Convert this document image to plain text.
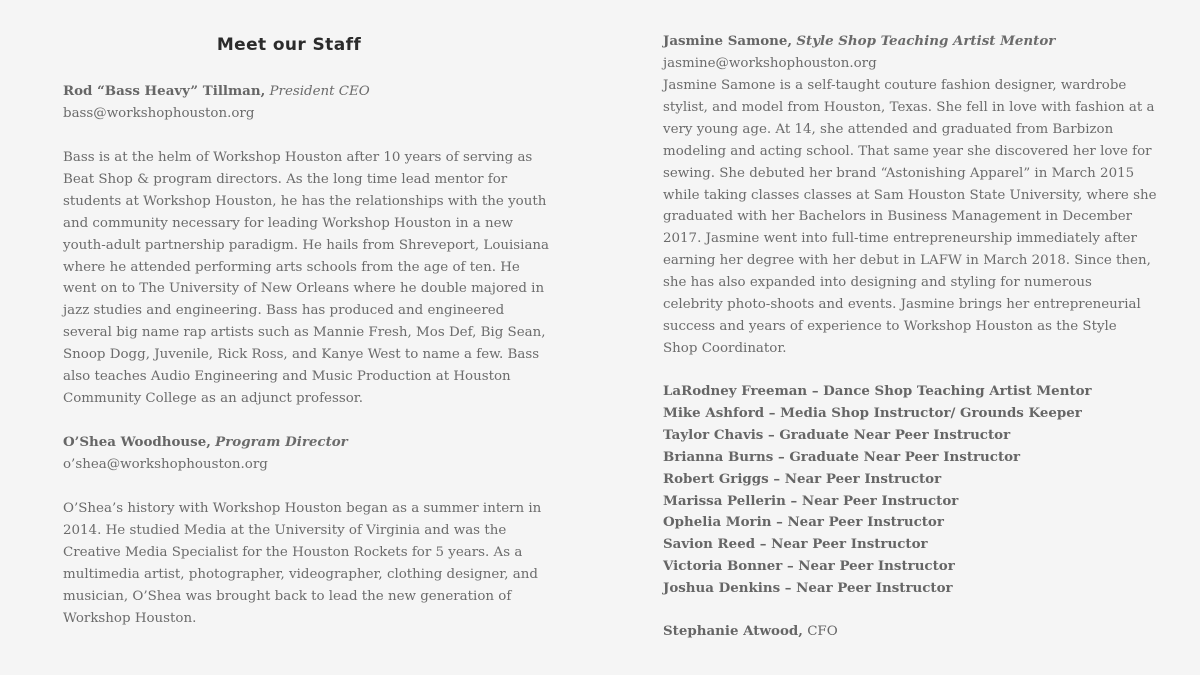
Meet our Staff
Rod “Bass Heavy” Tillman, President CEO
bass@workshophouston.org
Bass is at the helm of Workshop Houston after 10 years of serving as
Beat Shop & program directors. As the long time lead mentor for
students at Workshop Houston, he has the relationships with the youth
and community necessary for leading Workshop Houston in a new
youth-adult partnership paradigm. He hails from Shreveport, Louisiana
where he attended performing arts schools from the age of ten. He
went on to The University of New Orleans where he double majored in
jazz studies and engineering. Bass has produced and engineered
several big name rap artists such as Mannie Fresh, Mos Def, Big Sean,
Snoop Dogg, Juvenile, Rick Ross, and Kanye West to name a few. Bass
also teaches Audio Engineering and Music Production at Houston
Community College as an adjunct professor.
O’Shea Woodhouse, Program Director
o’shea@workshophouston.org
O’Shea’s history with Workshop Houston began as a summer intern in
2014. He studied Media at the University of Virginia and was the
Creative Media Specialist for the Houston Rockets for 5 years. As a
multimedia artist, photographer, videographer, clothing designer, and
musician, O’Shea was brought back to lead the new generation of
Workshop Houston.
Jasmine Samone, Style Shop Teaching Artist Mentor
jasmine@workshophouston.org
Jasmine Samone is a self-taught couture fashion designer, wardrobe
stylist, and model from Houston, Texas. She fell in love with fashion at a
very young age. At 14, she attended and graduated from Barbizon
modeling and acting school. That same year she discovered her love for
sewing. She debuted her brand “Astonishing Apparel” in March 2015
while taking classes classes at Sam Houston State University, where she
graduated with her Bachelors in Business Management in December
2017. Jasmine went into full-time entrepreneurship immediately after
earning her degree with her debut in LAFW in March 2018. Since then,
she has also expanded into designing and styling for numerous
celebrity photo-shoots and events. Jasmine brings her entrepreneurial
success and years of experience to Workshop Houston as the Style
Shop Coordinator.
LaRodney Freeman – Dance Shop Teaching Artist Mentor
Mike Ashford – Media Shop Instructor/ Grounds Keeper
Taylor Chavis – Graduate Near Peer Instructor
Brianna Burns – Graduate Near Peer Instructor
Robert Griggs – Near Peer Instructor
Marissa Pellerin – Near Peer Instructor
Ophelia Morin – Near Peer Instructor
Savion Reed – Near Peer Instructor
Victoria Bonner – Near Peer Instructor
Joshua Denkins – Near Peer Instructor
Stephanie Atwood, CFO
